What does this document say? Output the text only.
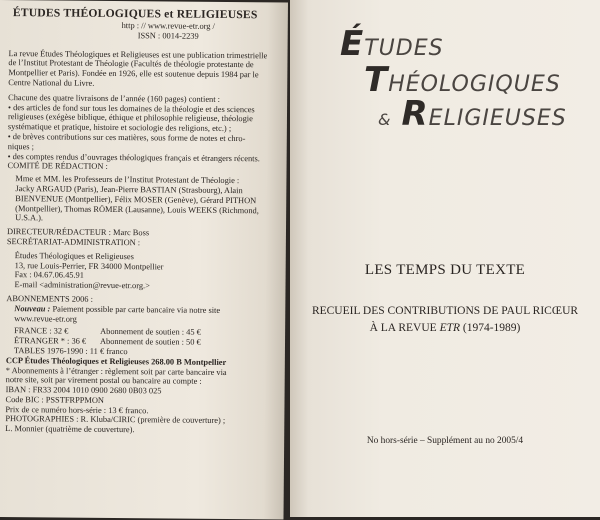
ÉTUDES THÉOLOGIQUES et RELIGIEUSES

http : // www.revue-etr.org /

ISSN : 0014-2239

La revue Études Théologiques et Religieuses est une publication trimestrielle

de l’Institut Protestant de Théologie (Facultés de théologie protestante de

Montpellier et Paris). Fondée en 1926, elle est soutenue depuis 1984 par le

Centre National du Livre.

Chacune des quatre livraisons de l’année (160 pages) contient :

• des articles de fond sur tous les domaines de la théologie et des sciences

religieuses (exégèse biblique, éthique et philosophie religieuse, théologie

systématique et pratique, histoire et sociologie des religions, etc.) ;

• de brèves contributions sur ces matières, sous forme de notes et chro-

niques ;

• des comptes rendus d’ouvrages théologiques français et étrangers récents.

COMITÉ DE RÉDACTION :

Mme et MM. les Professeurs de l’Institut Protestant de Théologie :

Jacky ARGAUD (Paris), Jean-Pierre BASTIAN (Strasbourg), Alain

BIENVENUE (Montpellier), Félix MOSER (Genève), Gérard PITHON

(Montpellier), Thomas RÖMER (Lausanne), Louis WEEKS (Richmond,

U.S.A.).

DIRECTEUR/RÉDACTEUR : Marc Boss

SECRÉTARIAT-ADMINISTRATION :

Études Théologiques et Religieuses

13, rue Louis-Perrier, FR 34000 Montpellier

Fax : 04.67.06.45.91

E-mail <administration@revue-etr.org.>

ABONNEMENTS 2006 :

Nouveau : Paiement possible par carte bancaire via notre site

www.revue-etr.org

FRANCE : 32 €	Abonnement de soutien : 45 €
ÉTRANGER * : 36 €	Abonnement de soutien : 50 €

TABLES 1976-1990 : 11 € franco

CCP Études Théologiques et Religieuses 268.00 B Montpellier

* Abonnements à l’étranger : règlement soit par carte bancaire via

notre site, soit par virement postal ou bancaire au compte :

IBAN : FR33 2004 1010 0900 2680 0B03 025

Code BIC : PSSTFRPPMON

Prix de ce numéro hors-série : 13 € franco.

PHOTOGRAPHIES : R. Kluba/CIRIC (première de couverture) ;

L. Monnier (quatrième de couverture).

ÉTUDES
THÉOLOGIQUES
& RELIGIEUSES

LES TEMPS DU TEXTE

RECUEIL DES CONTRIBUTIONS DE PAUL RICŒUR

À LA REVUE ETR (1974-1989)

No hors-série – Supplément au no 2005/4
